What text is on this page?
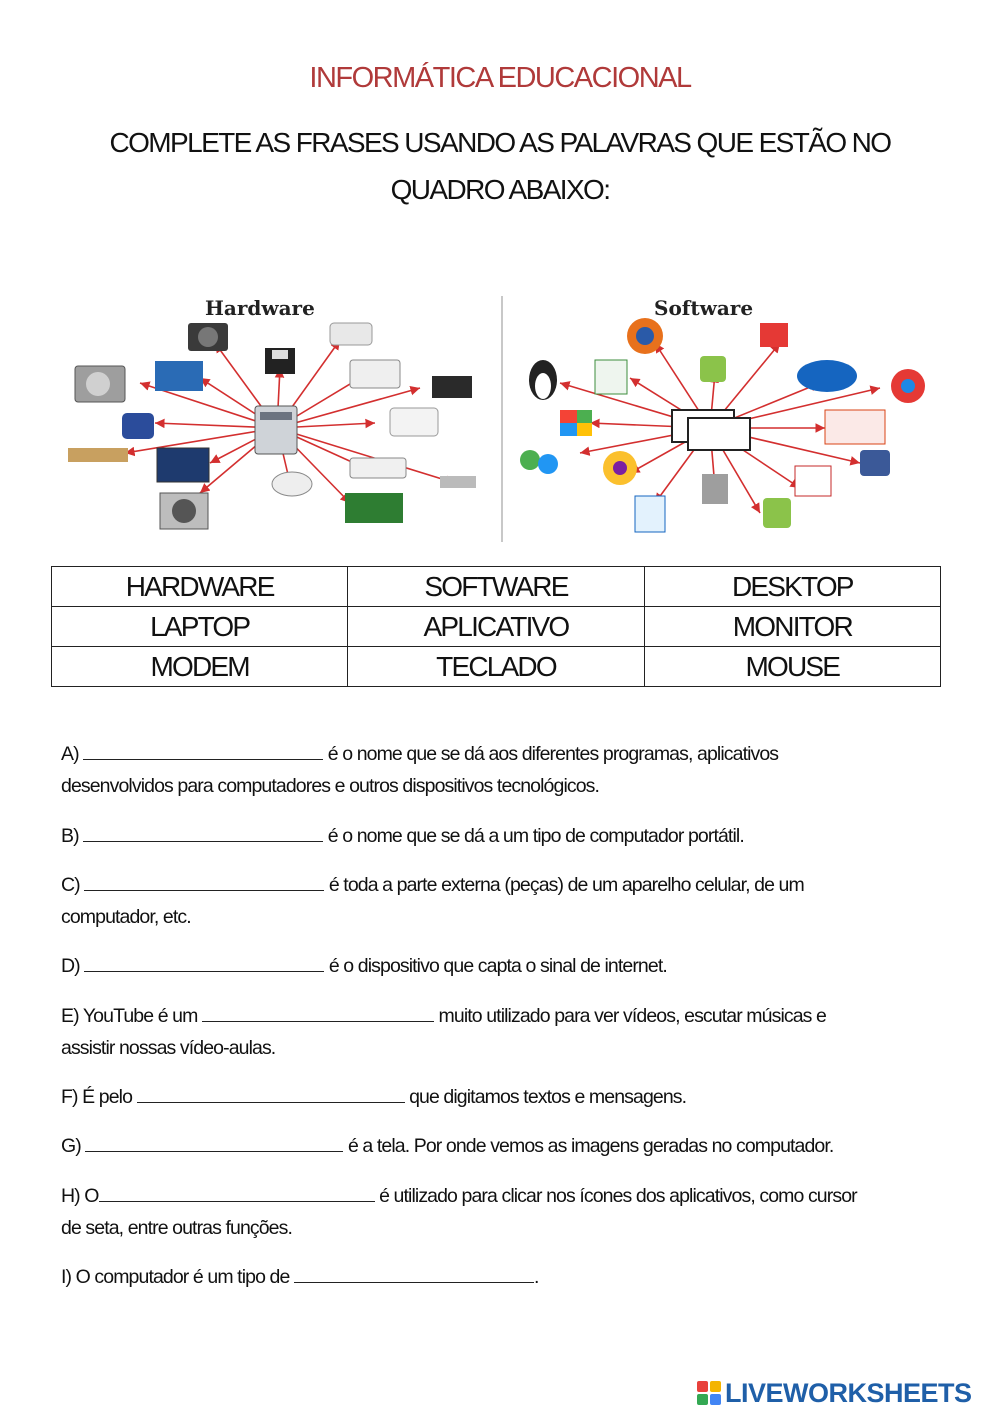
INFORMÁTICA EDUCACIONAL
COMPLETE AS FRASES USANDO AS PALAVRAS QUE ESTÃO NO
QUADRO ABAIXO:
Hardware	Software
HARDWARE	SOFTWARE	DESKTOP
LAPTOP	APLICATIVO	MONITOR
MODEM	TECLADO	MOUSE
A)	é o nome que se dá aos diferentes programas, aplicativos
desenvolvidos para computadores e outros dispositivos tecnológicos.
B)	é o nome que se dá a um tipo de computador portátil.
C)	é toda a parte externa (peças) de um aparelho celular, de um
computador, etc.
D)	é o dispositivo que capta o sinal de internet.
E) YouTube é um	muito utilizado para ver vídeos, escutar músicas e
assistir nossas vídeo-aulas.
F) É pelo	que digitamos textos e mensagens.
G)	é a tela. Por onde vemos as imagens geradas no computador.
H) O	é utilizado para clicar nos ícones dos aplicativos, como cursor
de seta, entre outras funções.
I) O computador é um tipo de	.
LIVEWORKSHEETS
